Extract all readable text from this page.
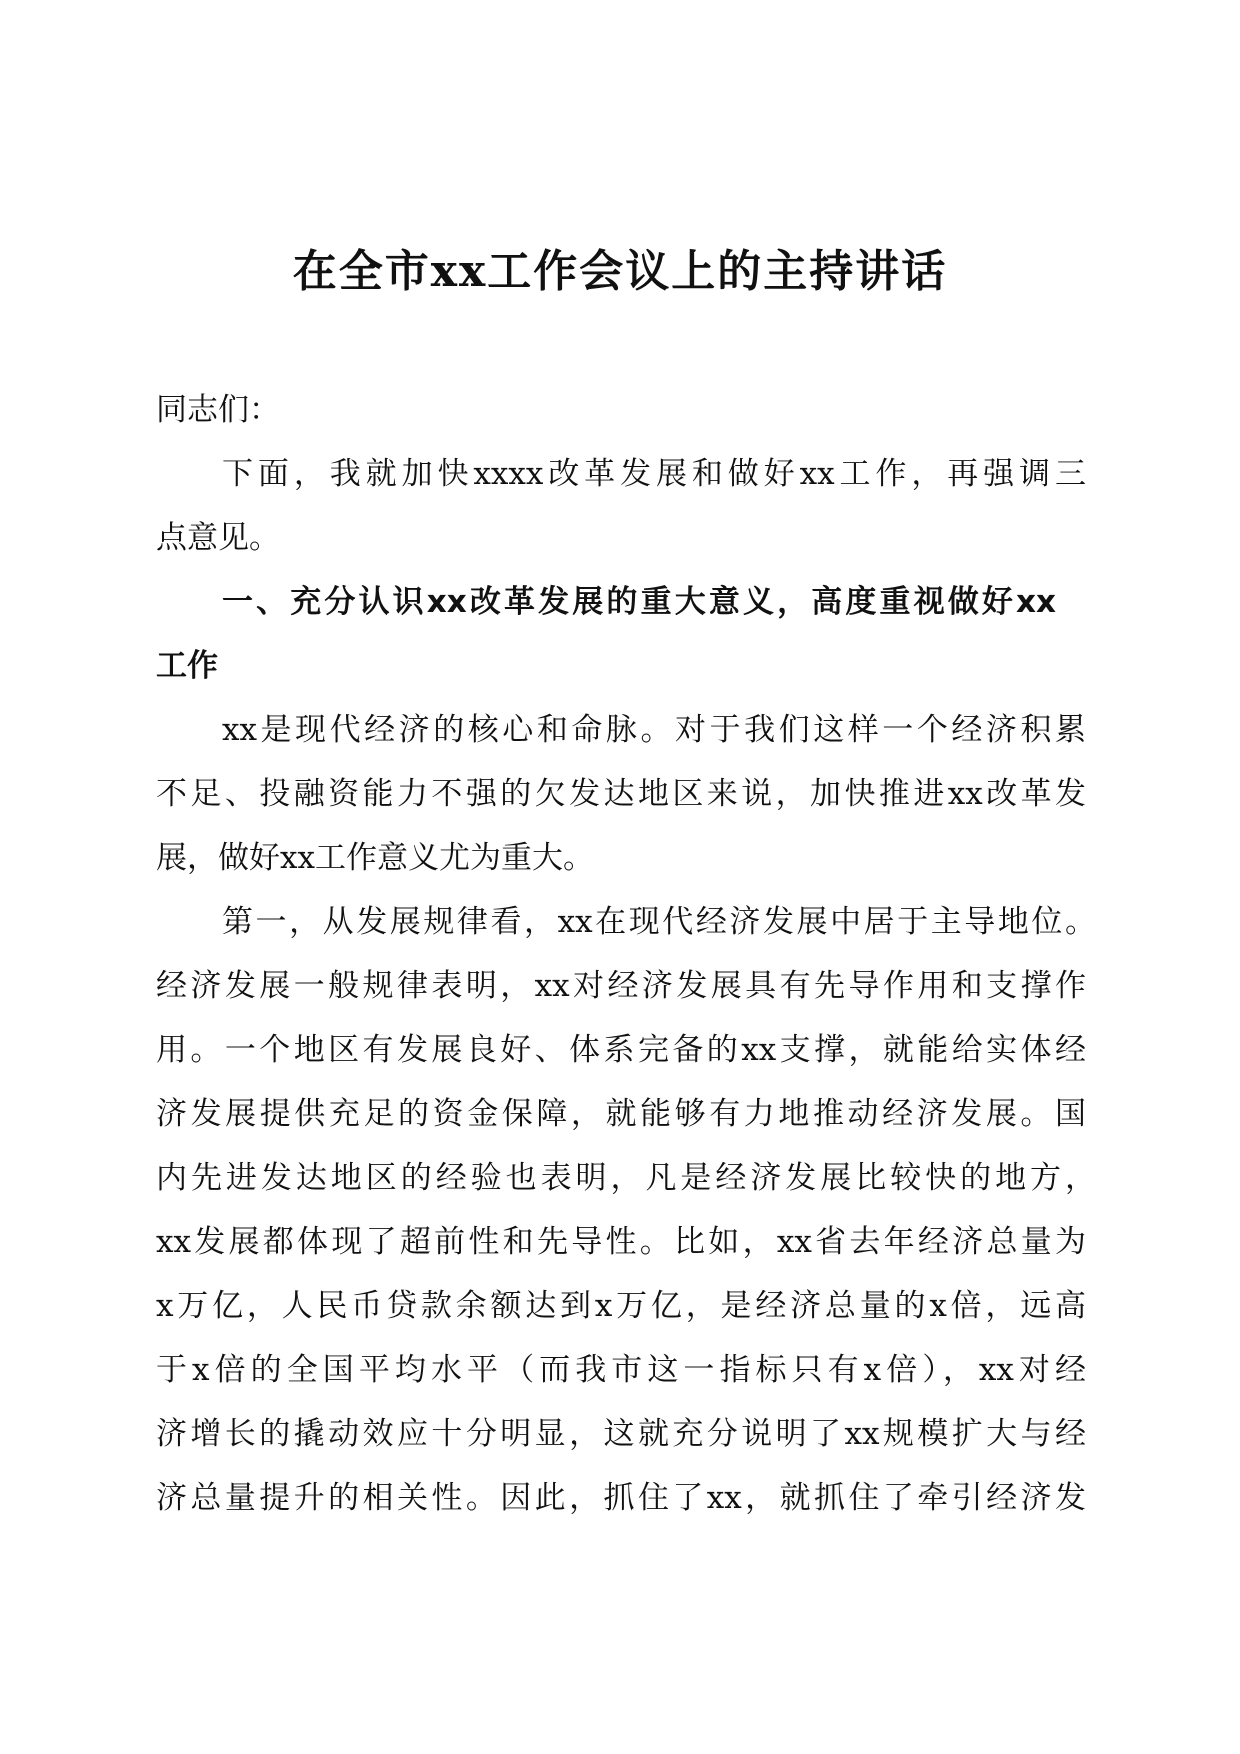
在全市xx工作会议上的主持讲话

同志们：

下面，我就加快xxxx改革发展和做好xx工作，再强调三

点意见。

一、充分认识xx改革发展的重大意义，高度重视做好xx

工作

xx是现代经济的核心和命脉。对于我们这样一个经济积累

不足、投融资能力不强的欠发达地区来说，加快推进xx改革发

展，做好xx工作意义尤为重大。

第一，从发展规律看，xx在现代经济发展中居于主导地位。

经济发展一般规律表明，xx对经济发展具有先导作用和支撑作

用。一个地区有发展良好、体系完备的xx支撑，就能给实体经

济发展提供充足的资金保障，就能够有力地推动经济发展。国

内先进发达地区的经验也表明，凡是经济发展比较快的地方，

xx发展都体现了超前性和先导性。比如，xx省去年经济总量为

x万亿，人民币贷款余额达到x万亿，是经济总量的x倍，远高

于x倍的全国平均水平（而我市这一指标只有x倍），xx对经

济增长的撬动效应十分明显，这就充分说明了xx规模扩大与经

济总量提升的相关性。因此，抓住了xx，就抓住了牵引经济发
